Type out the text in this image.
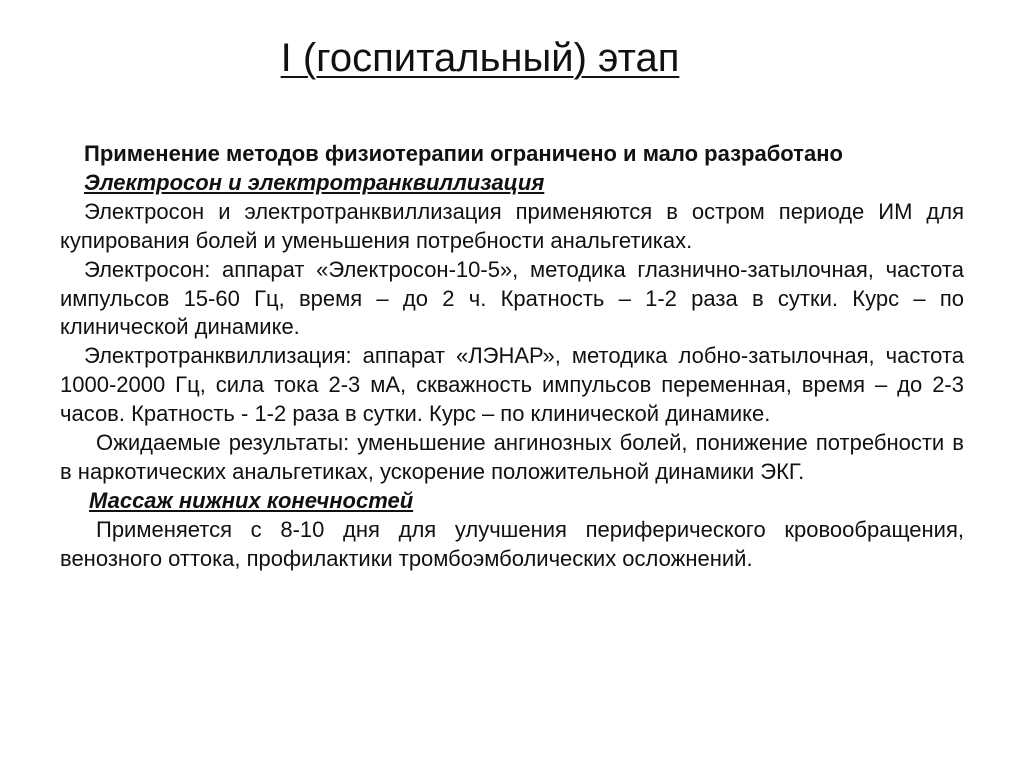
I (госпитальный) этап

Применение методов физиотерапии ограничено и мало разработано

Электросон и электротранквиллизация

Электросон и электротранквиллизация применяются в остром периоде ИМ для купирования болей и уменьшения потребности анальгетиках.

Электросон: аппарат «Электросон-10-5», методика глазнично-затылочная, частота импульсов 15-60 Гц, время – до 2 ч. Кратность – 1-2 раза в сутки. Курс – по клинической динамике.

Электротранквиллизация: аппарат «ЛЭНАР», методика лобно-затылочная, частота 1000-2000 Гц, сила тока 2-3 мА, скважность импульсов переменная, время – до 2-3 часов. Кратность - 1-2 раза в сутки. Курс – по клинической динамике.

Ожидаемые результаты: уменьшение ангинозных болей, понижение потребности в в наркотических анальгетиках, ускорение положительной динамики ЭКГ.

Массаж нижних конечностей

Применяется с 8-10 дня для улучшения периферического кровообращения, венозного оттока, профилактики тромбоэмболических осложнений.
